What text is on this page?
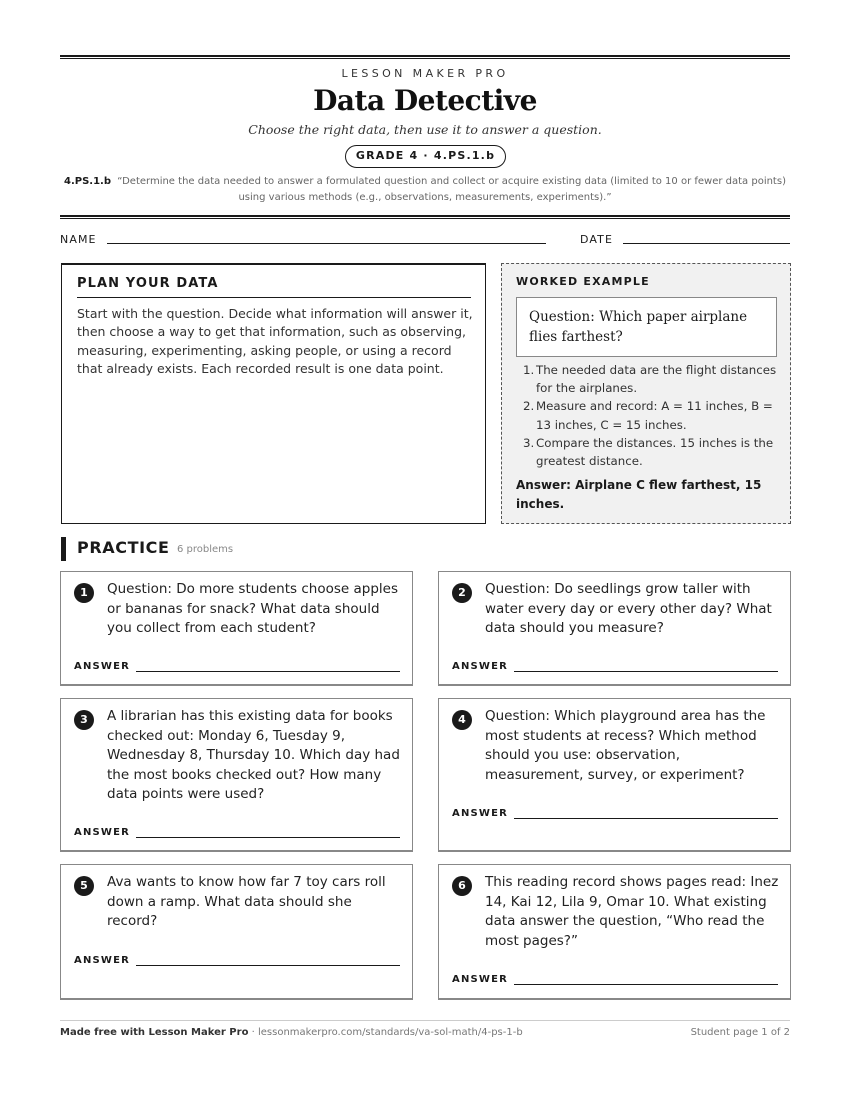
LESSON MAKER PRO
Data Detective
Choose the right data, then use it to answer a question.
GRADE 4 · 4.PS.1.b
4.PS.1.b “Determine the data needed to answer a formulated question and collect or acquire existing data (limited to 10 or fewer data points) using various methods (e.g., observations, measurements, experiments).”
NAME	DATE
PLAN YOUR DATA
Start with the question. Decide what information will answer it, then choose a way to get that information, such as observing, measuring, experimenting, asking people, or using a record that already exists. Each recorded result is one data point.
WORKED EXAMPLE
Question: Which paper airplane flies farthest?
1. The needed data are the flight distances for the airplanes.
2. Measure and record: A = 11 inches, B = 13 inches, C = 15 inches.
3. Compare the distances. 15 inches is the greatest distance.
Answer: Airplane C flew farthest, 15 inches.
PRACTICE 6 problems
1	Question: Do more students choose apples or bananas for snack? What data should you collect from each student?
ANSWER
2	Question: Do seedlings grow taller with water every day or every other day? What data should you measure?
ANSWER
3	A librarian has this existing data for books checked out: Monday 6, Tuesday 9, Wednesday 8, Thursday 10. Which day had the most books checked out? How many data points were used?
ANSWER
4	Question: Which playground area has the most students at recess? Which method should you use: observation, measurement, survey, or experiment?
ANSWER
5	Ava wants to know how far 7 toy cars roll down a ramp. What data should she record?
ANSWER
6	This reading record shows pages read: Inez 14, Kai 12, Lila 9, Omar 10. What existing data answer the question, “Who read the most pages?”
ANSWER
Made free with Lesson Maker Pro · lessonmakerpro.com/standards/va-sol-math/4-ps-1-b	Student page 1 of 2
